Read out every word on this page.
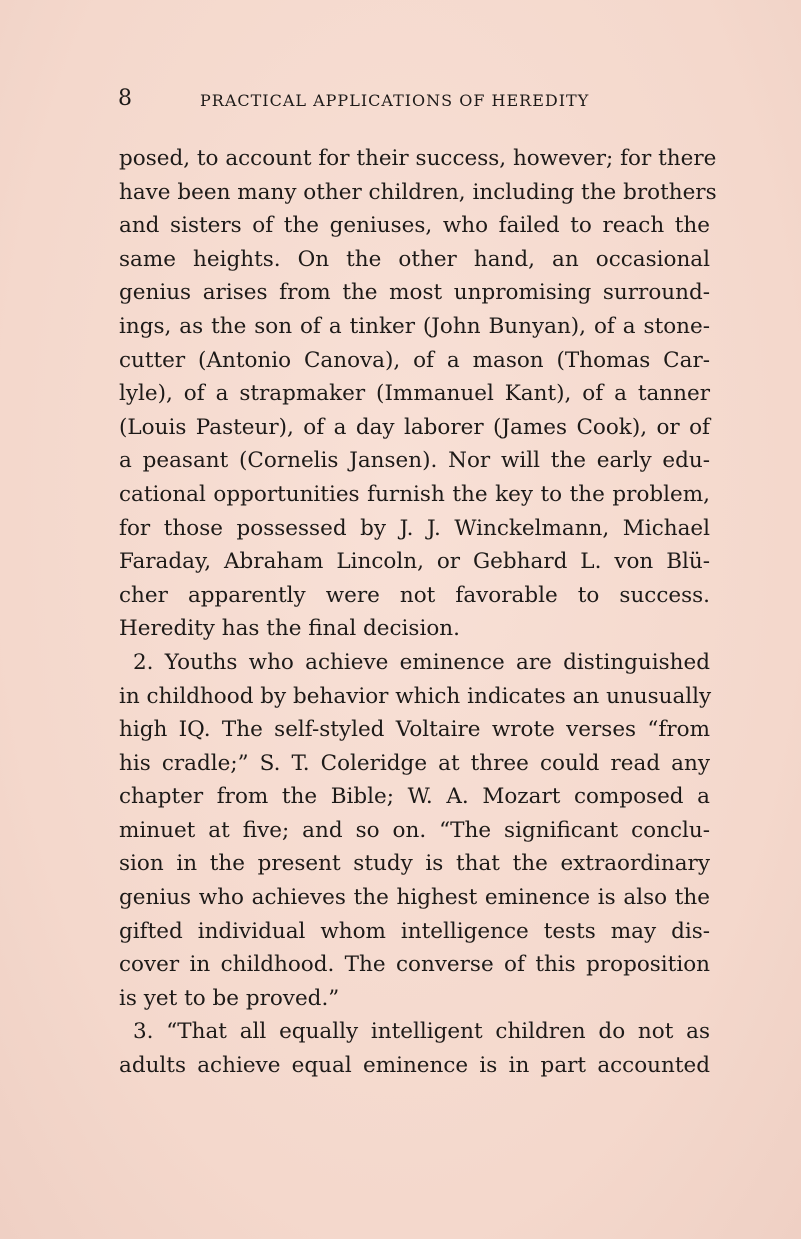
8	PRACTICAL APPLICATIONS OF HEREDITY
posed, to account for their success, however; for there
have been many other children, including the brothers
and sisters of the geniuses, who failed to reach the
same heights. On the other hand, an occasional
genius arises from the most unpromising surround-
ings, as the son of a tinker (John Bunyan), of a stone-
cutter (Antonio Canova), of a mason (Thomas Car-
lyle), of a strapmaker (Immanuel Kant), of a tanner
(Louis Pasteur), of a day laborer (James Cook), or of
a peasant (Cornelis Jansen). Nor will the early edu-
cational opportunities furnish the key to the problem,
for those possessed by J. J. Winckelmann, Michael
Faraday, Abraham Lincoln, or Gebhard L. von Blü-
cher apparently were not favorable to success.
Heredity has the final decision.
2. Youths who achieve eminence are distinguished
in childhood by behavior which indicates an unusually
high IQ. The self-styled Voltaire wrote verses “from
his cradle;” S. T. Coleridge at three could read any
chapter from the Bible; W. A. Mozart composed a
minuet at five; and so on. “The significant conclu-
sion in the present study is that the extraordinary
genius who achieves the highest eminence is also the
gifted individual whom intelligence tests may dis-
cover in childhood. The converse of this proposition
is yet to be proved.”
3. “That all equally intelligent children do not as
adults achieve equal eminence is in part accounted
